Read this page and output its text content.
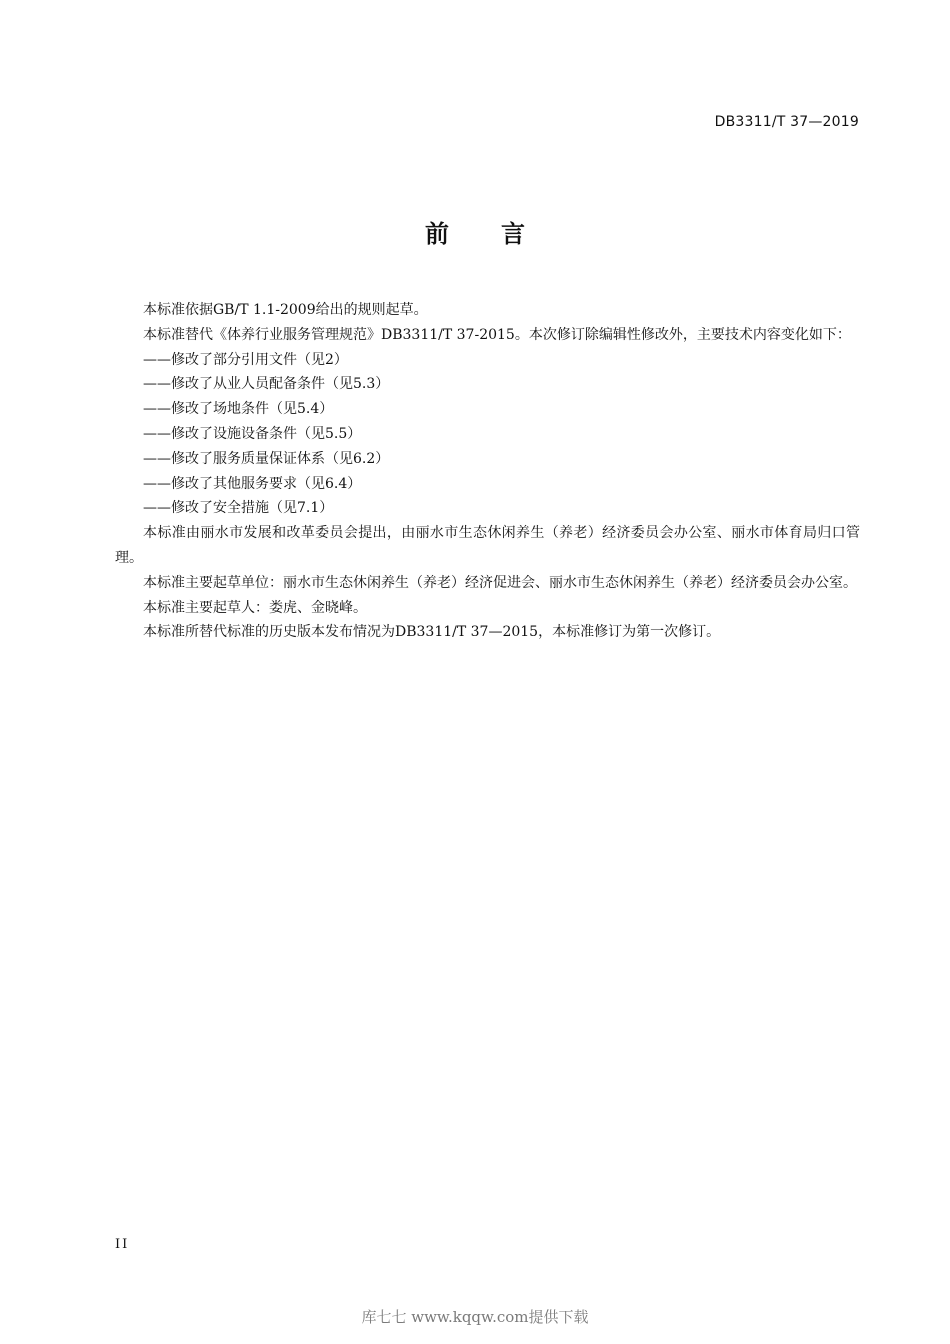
DB3311/T 37—2019
前 言

本标准依据GB/T 1.1-2009给出的规则起草。

本标准替代《体养行业服务管理规范》DB3311/T 37-2015。本次修订除编辑性修改外，主要技术内容变化如下：

——修改了部分引用文件（见2）

——修改了从业人员配备条件（见5.3）

——修改了场地条件（见5.4）

——修改了设施设备条件（见5.5）

——修改了服务质量保证体系（见6.2）

——修改了其他服务要求（见6.4）

——修改了安全措施（见7.1）

本标准由丽水市发展和改革委员会提出，由丽水市生态休闲养生（养老）经济委员会办公室、丽水市体育局归口管理。

本标准主要起草单位：丽水市生态休闲养生（养老）经济促进会、丽水市生态休闲养生（养老）经济委员会办公室。

本标准主要起草人：娄虎、金晓峰。

本标准所替代标准的历史版本发布情况为DB3311/T 37—2015，本标准修订为第一次修订。

II
库七七 www.kqqw.com提供下载
